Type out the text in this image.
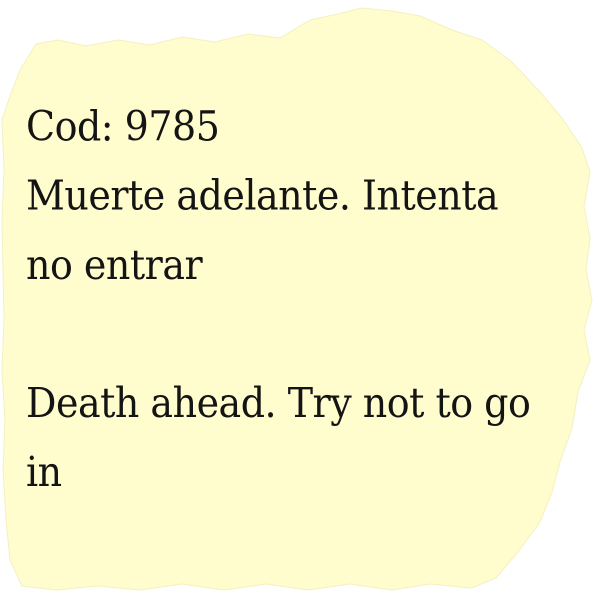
Cod: 9785
Muerte adelante. Intenta
no entrar
Death ahead. Try not to go
in
